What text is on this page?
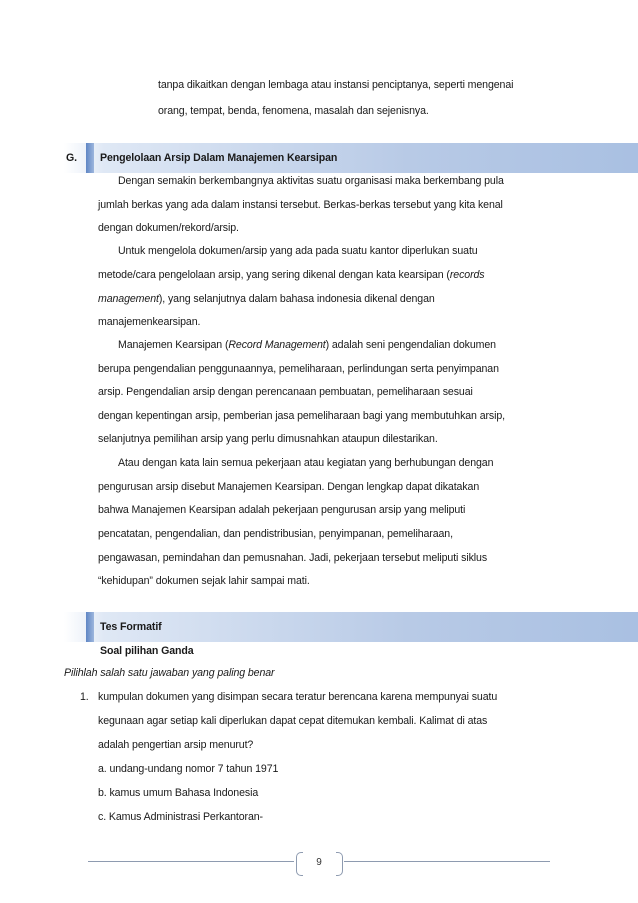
tanpa dikaitkan dengan lembaga atau instansi penciptanya, seperti mengenai
orang, tempat, benda, fenomena, masalah dan sejenisnya.
G. Pengelolaan Arsip Dalam Manajemen Kearsipan
Dengan semakin berkembangnya aktivitas suatu organisasi maka berkembang pula
jumlah berkas yang ada dalam instansi tersebut. Berkas-berkas tersebut yang kita kenal
dengan dokumen/rekord/arsip.
Untuk mengelola dokumen/arsip yang ada pada suatu kantor diperlukan suatu
metode/cara pengelolaan arsip, yang sering dikenal dengan kata kearsipan (records
management), yang selanjutnya dalam bahasa indonesia dikenal dengan
manajemenkearsipan.
Manajemen Kearsipan (Record Management) adalah seni pengendalian dokumen
berupa pengendalian penggunaannya, pemeliharaan, perlindungan serta penyimpanan
arsip. Pengendalian arsip dengan perencanaan pembuatan, pemeliharaan sesuai
dengan kepentingan arsip, pemberian jasa pemeliharaan bagi yang membutuhkan arsip,
selanjutnya pemilihan arsip yang perlu dimusnahkan ataupun dilestarikan.
Atau dengan kata lain semua pekerjaan atau kegiatan yang berhubungan dengan
pengurusan arsip disebut Manajemen Kearsipan. Dengan lengkap dapat dikatakan
bahwa Manajemen Kearsipan adalah pekerjaan pengurusan arsip yang meliputi
pencatatan, pengendalian, dan pendistribusian, penyimpanan, pemeliharaan,
pengawasan, pemindahan dan pemusnahan. Jadi, pekerjaan tersebut meliputi siklus
“kehidupan” dokumen sejak lahir sampai mati.
Tes Formatif
Soal pilihan Ganda
Pilihlah salah satu jawaban yang paling benar
1. kumpulan dokumen yang disimpan secara teratur berencana karena mempunyai suatu
kegunaan agar setiap kali diperlukan dapat cepat ditemukan kembali. Kalimat di atas
adalah pengertian arsip menurut?
a. undang-undang nomor 7 tahun 1971
b. kamus umum Bahasa Indonesia
c. Kamus Administrasi Perkantoran-
9
